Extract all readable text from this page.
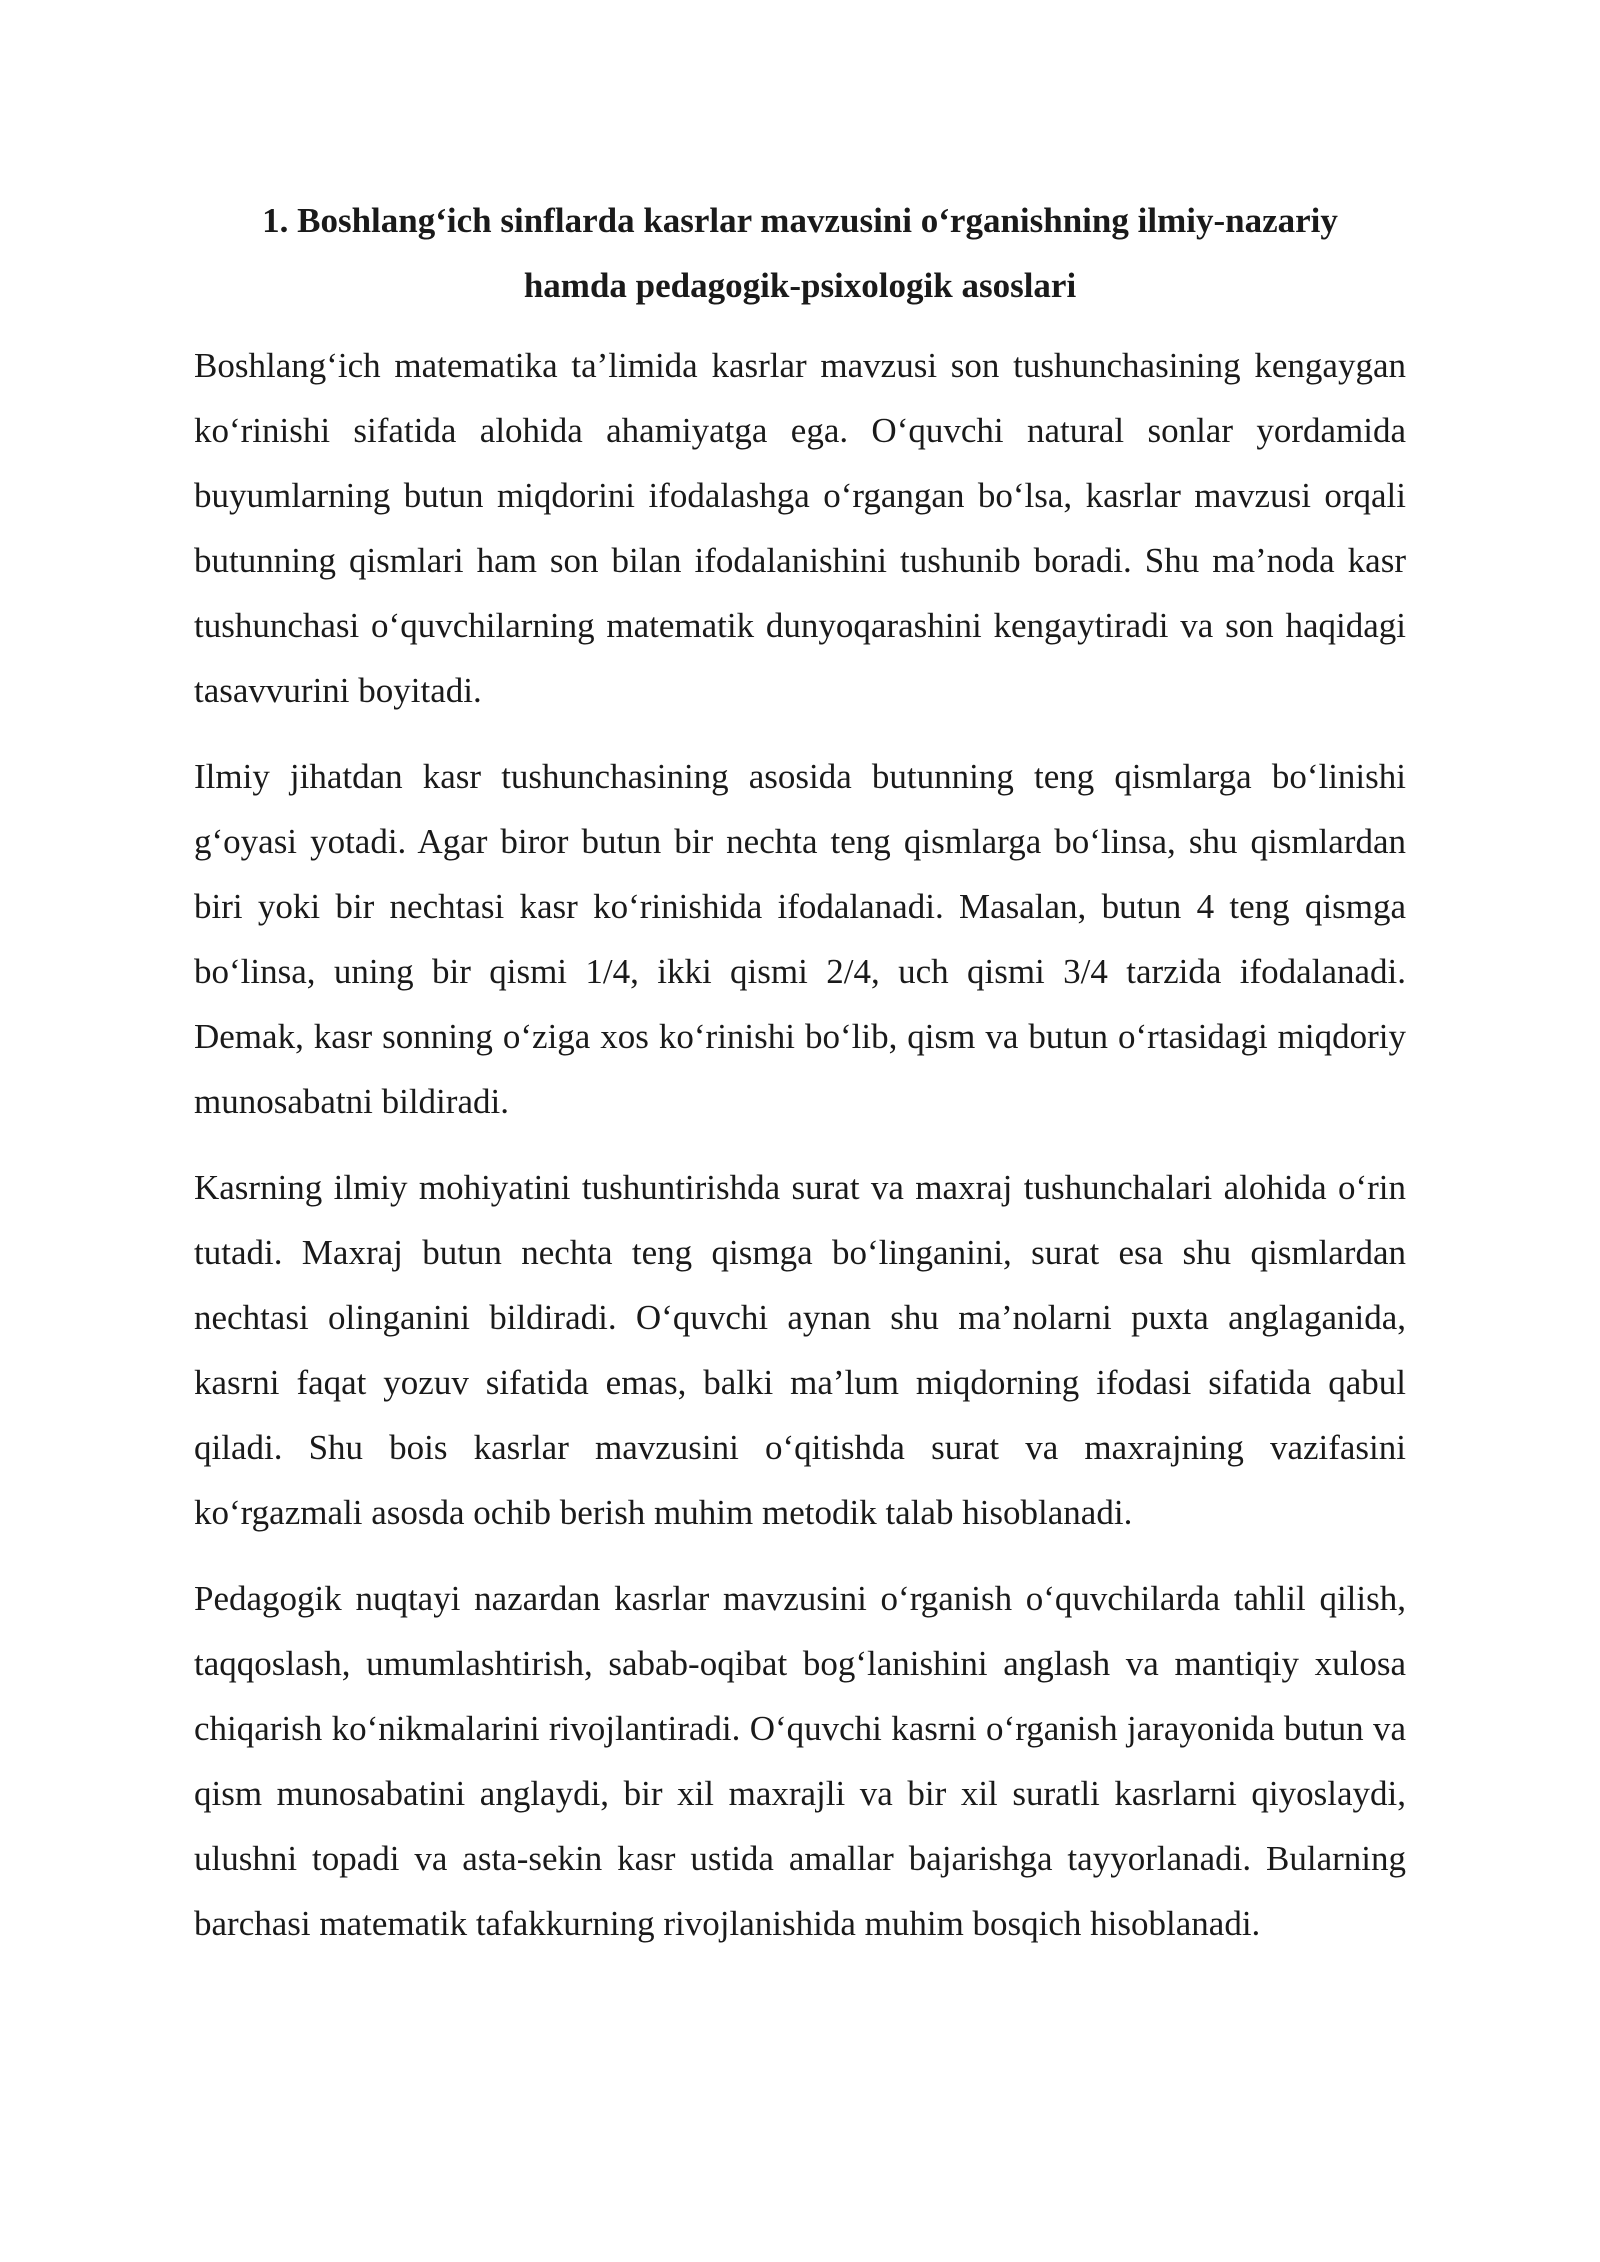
1. Boshlang‘ich sinflarda kasrlar mavzusini o‘rganishning ilmiy-nazariy
hamda pedagogik-psixologik asoslari

Boshlang‘ich matematika ta’limida kasrlar mavzusi son tushunchasining kengaygan ko‘rinishi sifatida alohida ahamiyatga ega. O‘quvchi natural sonlar yordamida buyumlarning butun miqdorini ifodalashga o‘rgangan bo‘lsa, kasrlar mavzusi orqali butunning qismlari ham son bilan ifodalanishini tushunib boradi. Shu ma’noda kasr tushunchasi o‘quvchilarning matematik dunyoqarashini kengaytiradi va son haqidagi tasavvurini boyitadi.

Ilmiy jihatdan kasr tushunchasining asosida butunning teng qismlarga bo‘linishi g‘oyasi yotadi. Agar biror butun bir nechta teng qismlarga bo‘linsa, shu qismlardan biri yoki bir nechtasi kasr ko‘rinishida ifodalanadi. Masalan, butun 4 teng qismga bo‘linsa, uning bir qismi 1/4, ikki qismi 2/4, uch qismi 3/4 tarzida ifodalanadi. Demak, kasr sonning o‘ziga xos ko‘rinishi bo‘lib, qism va butun o‘rtasidagi miqdoriy munosabatni bildiradi.

Kasrning ilmiy mohiyatini tushuntirishda surat va maxraj tushunchalari alohida o‘rin tutadi. Maxraj butun nechta teng qismga bo‘linganini, surat esa shu qismlardan nechtasi olinganini bildiradi. O‘quvchi aynan shu ma’nolarni puxta anglaganida, kasrni faqat yozuv sifatida emas, balki ma’lum miqdorning ifodasi sifatida qabul qiladi. Shu bois kasrlar mavzusini o‘qitishda surat va maxrajning vazifasini ko‘rgazmali asosda ochib berish muhim metodik talab hisoblanadi.

Pedagogik nuqtayi nazardan kasrlar mavzusini o‘rganish o‘quvchilarda tahlil qilish, taqqoslash, umumlashtirish, sabab-oqibat bog‘lanishini anglash va mantiqiy xulosa chiqarish ko‘nikmalarini rivojlantiradi. O‘quvchi kasrni o‘rganish jarayonida butun va qism munosabatini anglaydi, bir xil maxrajli va bir xil suratli kasrlarni qiyoslaydi, ulushni topadi va asta-sekin kasr ustida amallar bajarishga tayyorlanadi. Bularning barchasi matematik tafakkurning rivojlanishida muhim bosqich hisoblanadi.
